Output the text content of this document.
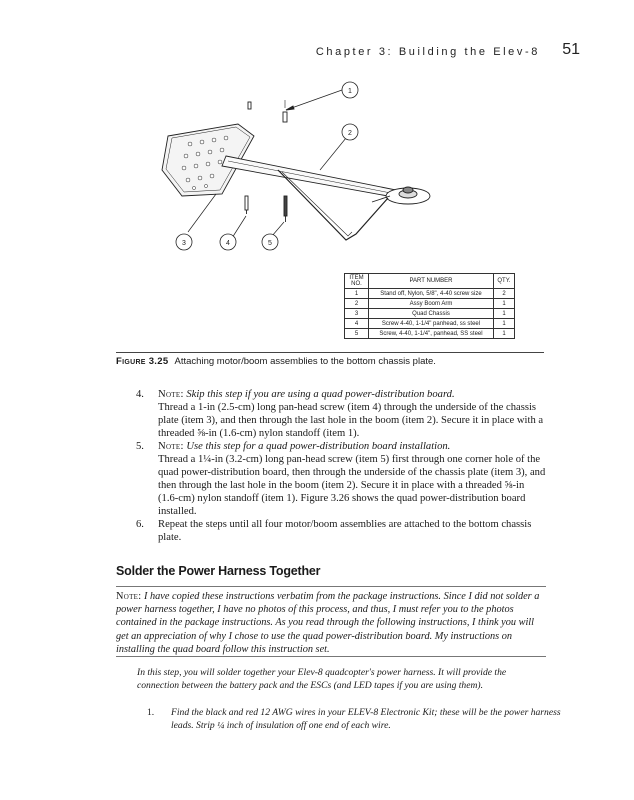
Chapter 3: Building the Elev-8 51
1
2
3	4	5
ITEM NO.	PART NUMBER	QTY.
1	Stand off, Nylon, 5/8", 4-40 screw size	2
2	Assy Boom Arm	1
3	Quad Chassis	1
4	Screw 4-40, 1-1/4" panhead, ss steel	1
5	Screw, 4-40, 1-1/4", panhead, SS steel	1
Figure 3.25 Attaching motor/boom assemblies to the bottom chassis plate.
4. Note: Skip this step if you are using a quad power-distribution board.
Thread a 1-in (2.5-cm) long pan-head screw (item 4) through the underside of the chassis plate (item 3), and then through the last hole in the boom (item 2). Secure it in place with a threaded ⅝-in (1.6-cm) nylon standoff (item 1).
5. Note: Use this step for a quad power-distribution board installation.
Thread a 1¼-in (3.2-cm) long pan-head screw (item 5) first through one corner hole of the quad power-distribution board, then through the underside of the chassis plate (item 3), and then through the last hole in the boom (item 2). Secure it in place with a threaded ⅝-in (1.6-cm) nylon standoff (item 1). Figure 3.26 shows the quad power-distribution board installed.
6. Repeat the steps until all four motor/boom assemblies are attached to the bottom chassis plate.
Solder the Power Harness Together
Note: I have copied these instructions verbatim from the package instructions. Since I did not solder a power harness together, I have no photos of this process, and thus, I must refer you to the photos contained in the package instructions. As you read through the following instructions, I think you will get an appreciation of why I chose to use the quad power-distribution board. My instructions on installing the quad board follow this instruction set.
In this step, you will solder together your Elev-8 quadcopter's power harness. It will provide the connection between the battery pack and the ESCs (and LED tapes if you are using them).
1. Find the black and red 12 AWG wires in your ELEV-8 Electronic Kit; these will be the power harness leads. Strip ¼ inch of insulation off one end of each wire.
